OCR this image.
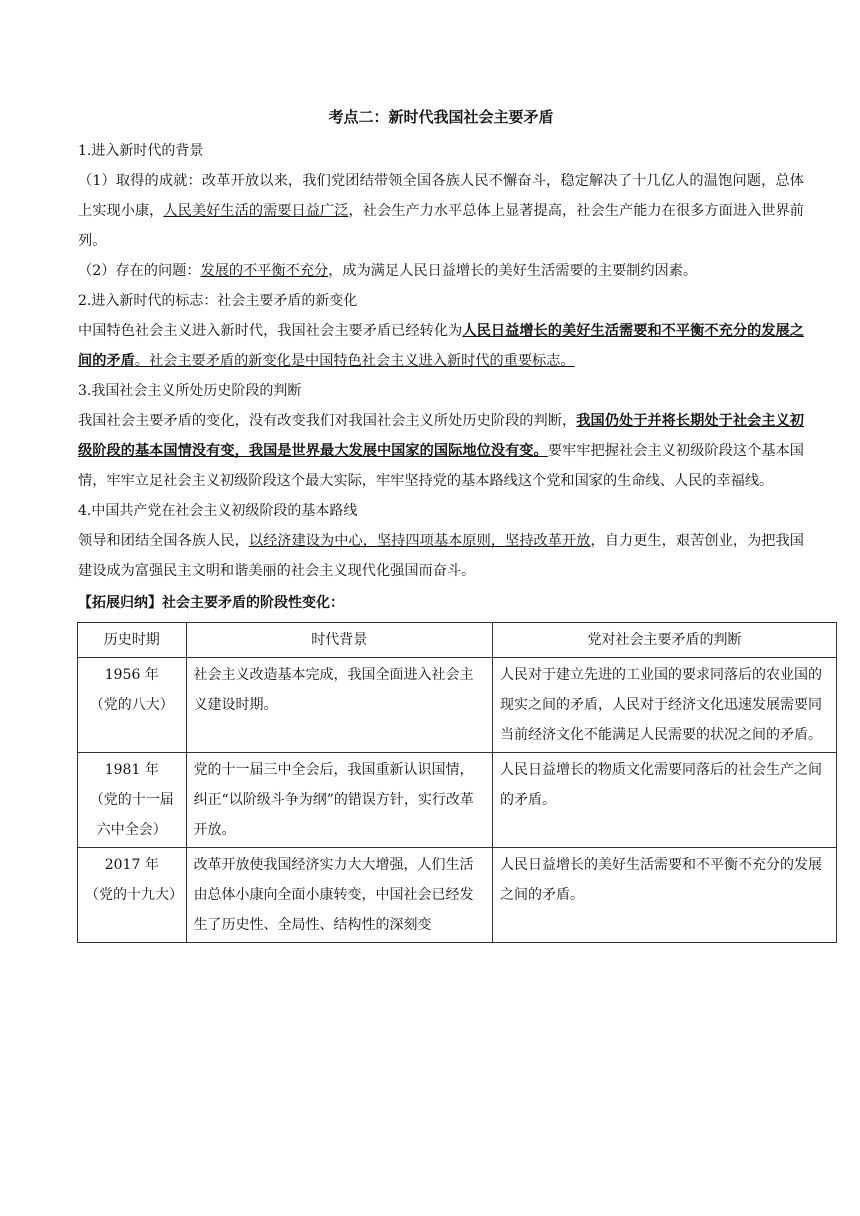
考点二：新时代我国社会主要矛盾

1.进入新时代的背景

（1）取得的成就：改革开放以来，我们党团结带领全国各族人民不懈奋斗，稳定解决了十几亿人的温饱问题，总体上实现小康，人民美好生活的需要日益广泛，社会生产力水平总体上显著提高，社会生产能力在很多方面进入世界前列。

（2）存在的问题：发展的不平衡不充分，成为满足人民日益增长的美好生活需要的主要制约因素。

2.进入新时代的标志：社会主要矛盾的新变化

中国特色社会主义进入新时代，我国社会主要矛盾已经转化为人民日益增长的美好生活需要和不平衡不充分的发展之间的矛盾。社会主要矛盾的新变化是中国特色社会主义进入新时代的重要标志。

3.我国社会主义所处历史阶段的判断

我国社会主要矛盾的变化，没有改变我们对我国社会主义所处历史阶段的判断，我国仍处于并将长期处于社会主义初级阶段的基本国情没有变，我国是世界最大发展中国家的国际地位没有变。要牢牢把握社会主义初级阶段这个基本国情，牢牢立足社会主义初级阶段这个最大实际，牢牢坚持党的基本路线这个党和国家的生命线、人民的幸福线。

4.中国共产党在社会主义初级阶段的基本路线

领导和团结全国各族人民，以经济建设为中心，坚持四项基本原则，坚持改革开放，自力更生，艰苦创业，为把我国建设成为富强民主文明和谐美丽的社会主义现代化强国而奋斗。

【拓展归纳】社会主要矛盾的阶段性变化：

历史时期	时代背景	党对社会主要矛盾的判断

1956 年
（党的八大）	社会主义改造基本完成，我国全面进入社会主义建设时期。	人民对于建立先进的工业国的要求同落后的农业国的现实之间的矛盾，人民对于经济文化迅速发展需要同当前经济文化不能满足人民需要的状况之间的矛盾。

1981 年
（党的十一届六中全会）	党的十一届三中全会后，我国重新认识国情，纠正“以阶级斗争为纲”的错误方针，实行改革开放。	人民日益增长的物质文化需要同落后的社会生产之间的矛盾。

2017 年
（党的十九大）	改革开放使我国经济实力大大增强，人们生活由总体小康向全面小康转变，中国社会已经发生了历史性、全局性、结构性的深刻变	人民日益增长的美好生活需要和不平衡不充分的发展之间的矛盾。
